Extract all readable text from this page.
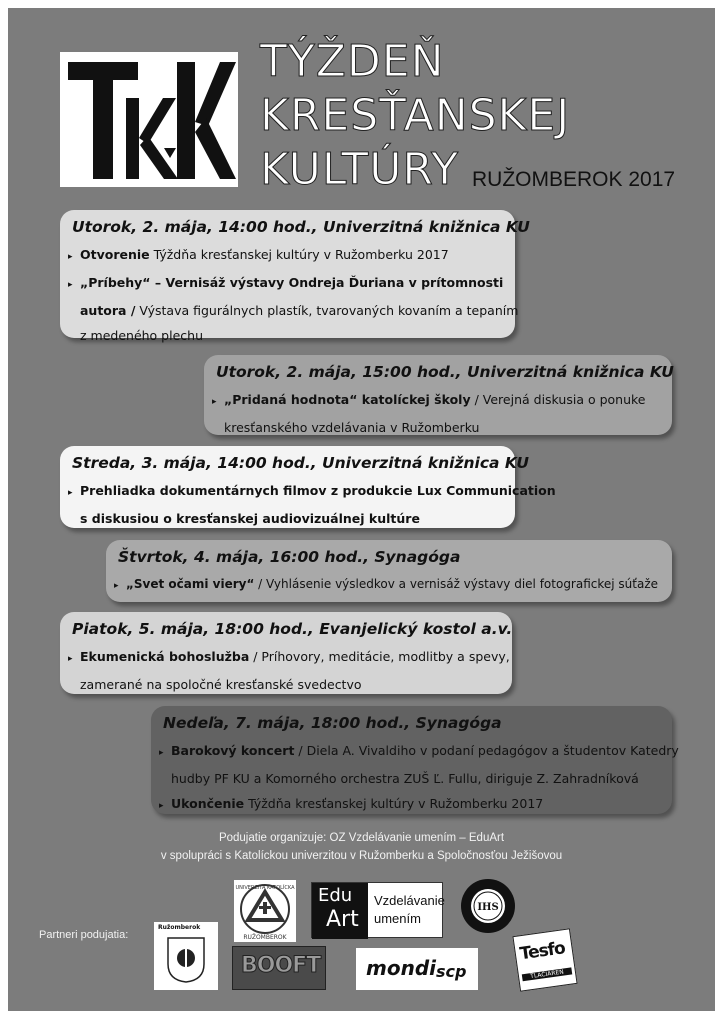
TÝŽDEŇ
KRESŤANSKEJ
KULTÚRY RUŽOMBEROK 2017
Utorok, 2. mája, 14:00 hod., Univerzitná knižnica KU
▸ Otvorenie Týždňa kresťanskej kultúry v Ružomberku 2017
▸ „Príbehy“ – Vernisáž výstavy Ondreja Ďuriana v prítomnosti
autora / Výstava figurálnych plastík, tvarovaných kovaním a tepaním
z medeného plechu
Utorok, 2. mája, 15:00 hod., Univerzitná knižnica KU
▸ „Pridaná hodnota“ katolíckej školy / Verejná diskusia o ponuke
kresťanského vzdelávania v Ružomberku
Streda, 3. mája, 14:00 hod., Univerzitná knižnica KU
▸ Prehliadka dokumentárnych filmov z produkcie Lux Communication
s diskusiou o kresťanskej audiovizuálnej kultúre
Štvrtok, 4. mája, 16:00 hod., Synagóga
▸ „Svet očami viery“ / Vyhlásenie výsledkov a vernisáž výstavy diel fotografickej súťaže
Piatok, 5. mája, 18:00 hod., Evanjelický kostol a.v.
▸ Ekumenická bohoslužba / Príhovory, meditácie, modlitby a spevy,
zamerané na spoločné kresťanské svedectvo
Nedeľa, 7. mája, 18:00 hod., Synagóga
▸ Barokový koncert / Diela A. Vivaldiho v podaní pedagógov a študentov Katedry
hudby PF KU a Komorného orchestra ZUŠ Ľ. Fullu, diriguje Z. Zahradníková
▸ Ukončenie Týždňa kresťanskej kultúry v Ružomberku 2017
Podujatie organizuje: OZ Vzdelávanie umením – EduArt
v spolupráci s Katolíckou univerzitou v Ružomberku a Spoločnosťou Ježišovou
UNIVERZITA KATOLÍCKA
RUŽOMBEROK
Edu
Art
Vzdelávanie
umením
IHS
Partneri podujatia:
Ružomberok
BOOFT mondi scp
Tesfo
TLAČIAREŇ
